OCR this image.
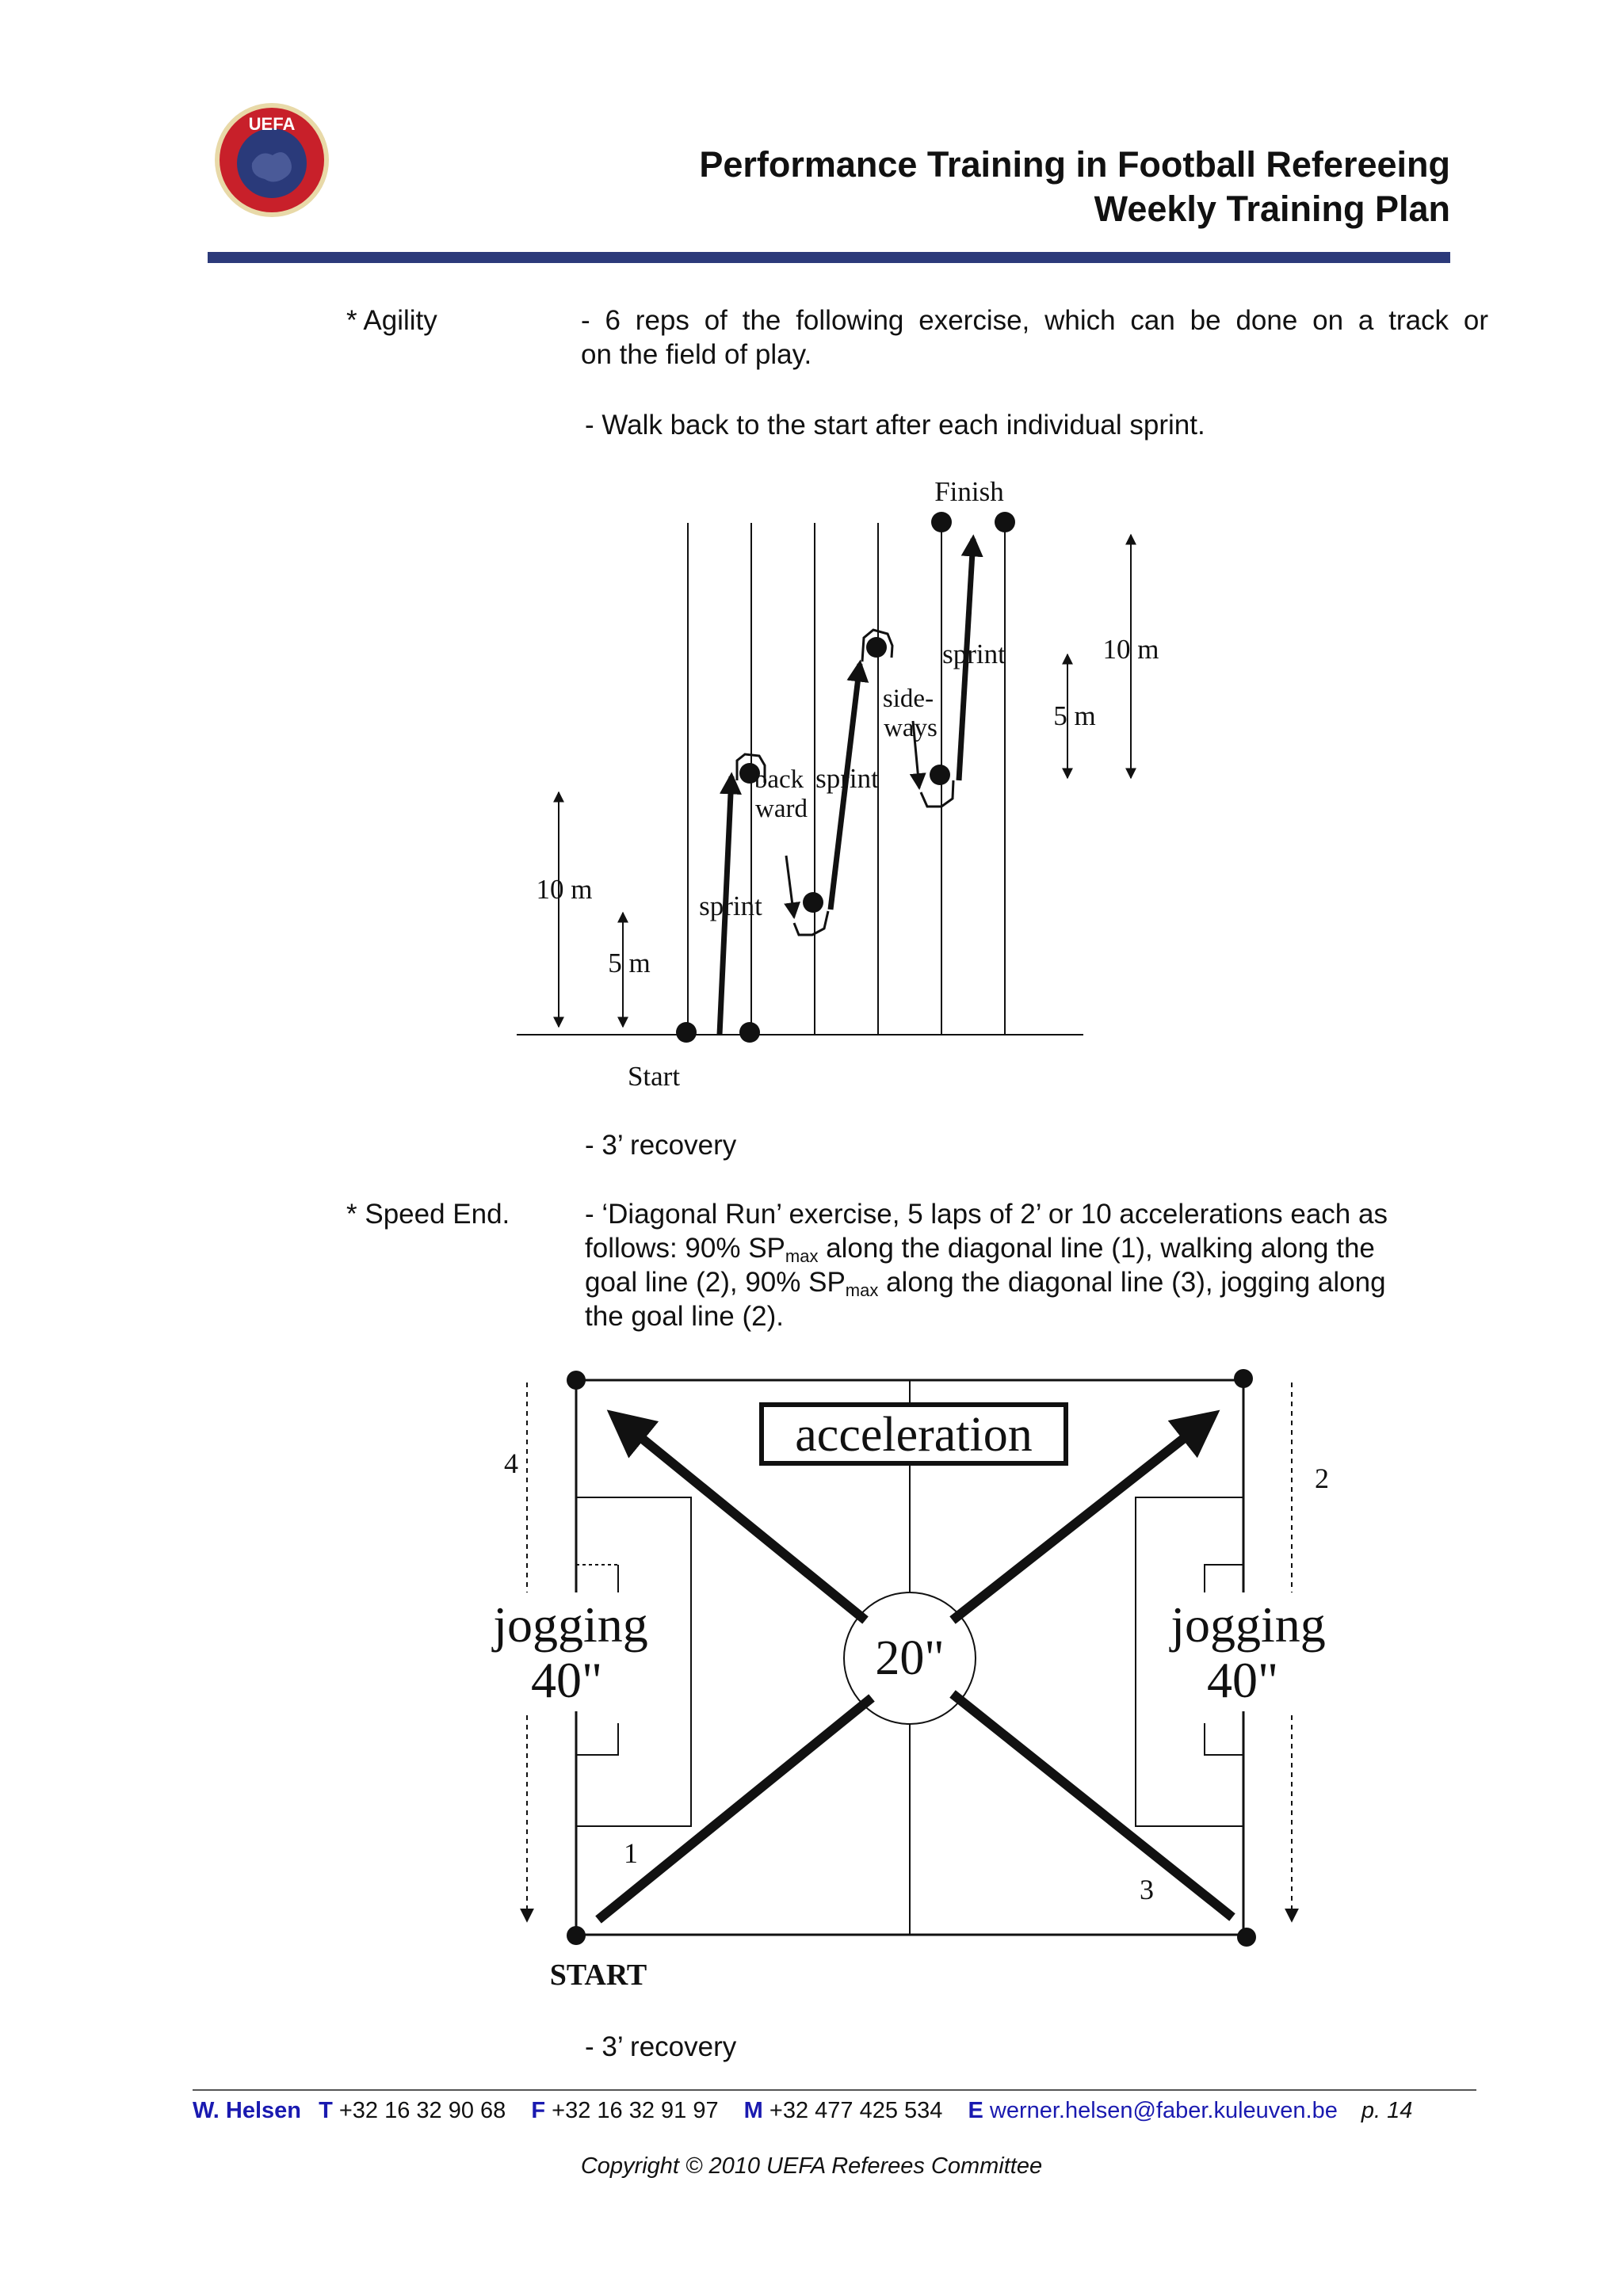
UEFA
Performance Training in Football Refereeing
Weekly Training Plan
* Agility	- 6 reps of the following exercise, which can be done on a track or
on the field of play.
- Walk back to the start after each individual sprint.
Finish
Start
10 m
5 m
10 m
5 m
sprint
back
ward
sprint
side-
ways
sprint
- 3’ recovery
* Speed End.	- ‘Diagonal Run’ exercise, 5 laps of 2’ or 10 accelerations each as
follows: 90% $SP_{max}$ along the diagonal line (1), walking along the
goal line (2), 90% $SP_{max}$ along the diagonal line (3), jogging along
the goal line (2).
acceleration
20"
jogging
40"
jogging
40"
4	2
1
3
START
- 3’ recovery
W. Helsen T +32 16 32 90 68 F +32 16 32 91 97 M +32 477 425 534 E werner.helsen@faber.kuleuven.be p. 14
Copyright © 2010 UEFA Referees Committee
